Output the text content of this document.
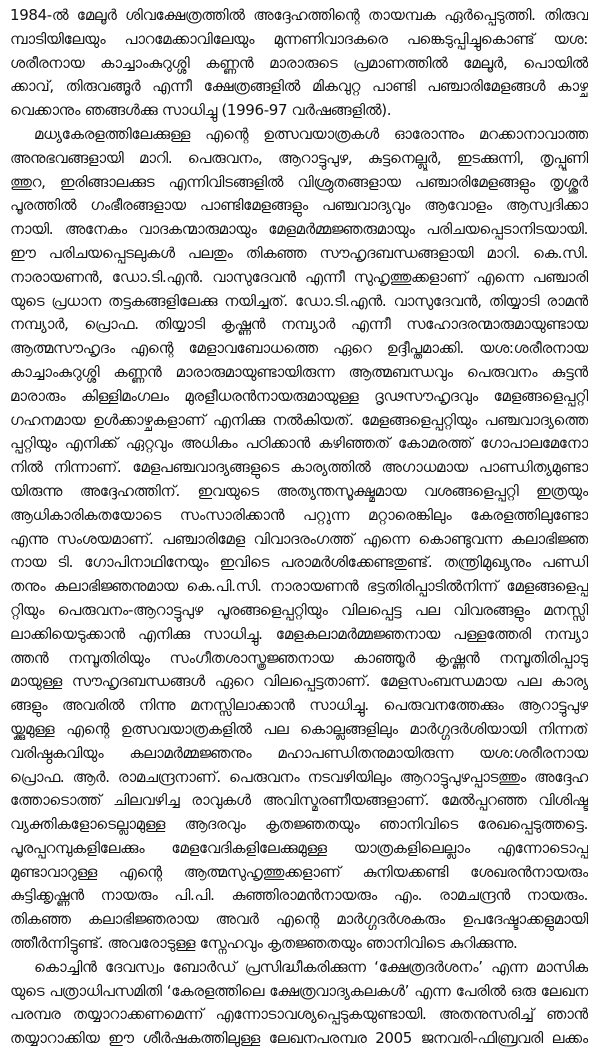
1984-ൽ മേലൂർ ശിവക്ഷേത്രത്തിൽ അദ്ദേഹത്തിന്റെ തായമ്പക ഏർപ്പെടുത്തി. തിരുവ
മ്പാടിയിലേയും പാറമേക്കാവിലേയും മുന്നണിവാദകരെ പങ്കെടുപ്പിച്ചുകൊണ്ട് യശ:
ശരീരനായ കാച്ചാംകുറുശ്ശി കണ്ണൻ മാരാരുടെ പ്രമാണത്തിൽ മേലൂർ, പൊയിൽ
ക്കാവ്, തിരുവങ്ങൂർ എന്നീ ക്ഷേത്രങ്ങളിൽ മികവുറ്റ പാണ്ടി പഞ്ചാരിമേളങ്ങൾ കാഴ്ച
വെക്കാനും ഞങ്ങൾക്കു സാധിച്ചു (1996-97 വർഷങ്ങളിൽ).
മധ്യകേരളത്തിലേക്കുള്ള എന്റെ ഉത്സവയാത്രകൾ ഓരോന്നും മറക്കാനാവാത്ത
അനുഭവങ്ങളായി മാറി. പെരുവനം, ആറാട്ടുപുഴ, കുട്ടനെല്ലൂർ, ഇടക്കുന്നി, തൃപ്പൂണി
ത്തുറ, ഇരിങ്ങാലക്കുട എന്നിവിടങ്ങളിൽ വിശ്രുതങ്ങളായ പഞ്ചാരിമേളങ്ങളും തൃശ്ശൂർ
പൂരത്തിൽ ഗംഭീരങ്ങളായ പാണ്ടിമേളങ്ങളും പഞ്ചവാദ്യവും ആവോളം ആസ്വദിക്കാ
നായി. അനേകം വാദകന്മാരുമായും മേളമർമ്മജ്ഞരുമായും പരിചയപ്പെടാനിടയായി.
ഈ പരിചയപ്പെടലുകൾ പലതും തികഞ്ഞ സൗഹൃദബന്ധങ്ങളായി മാറി. കെ.സി.
നാരായണൻ, ഡോ.ടി.എൻ. വാസുദേവൻ എന്നീ സുഹൃത്തുക്കളാണ് എന്നെ പഞ്ചാരി
യുടെ പ്രധാന തട്ടകങ്ങളിലേക്കു നയിച്ചത്. ഡോ.ടി.എൻ. വാസുദേവൻ, തിയ്യാടി രാമൻ
നമ്പ്യാർ, പ്രൊഫ. തിയ്യാടി കൃഷ്ണൻ നമ്പ്യാർ എന്നീ സഹോദരന്മാരുമായുണ്ടായ
ആത്മസൗഹൃദം എന്റെ മേളാവബോധത്തെ ഏറെ ഉദ്ദീപ്തമാക്കി. യശ:ശരീരനായ
കാച്ചാംകുറുശ്ശി കണ്ണൻ മാരാരുമായുണ്ടായിരുന്ന ആത്മബന്ധവും പെരുവനം കുട്ടൻ
മാരാരും കിള്ളിമംഗലം മുരളീധരൻനായരുമായുള്ള ദൃഢസൗഹൃദവും മേളങ്ങളെപ്പറ്റി
ഗഹനമായ ഉൾക്കാഴ്ചകളാണ് എനിക്കു നൽകിയത്. മേളങ്ങളെപ്പറ്റിയും പഞ്ചവാദ്യത്തെ
പ്പറ്റിയും എനിക്ക് ഏറ്റവും അധികം പഠിക്കാൻ കഴിഞ്ഞത് കോമരത്ത് ഗോപാലമേനോ
നിൽ നിന്നാണ്. മേളപഞ്ചവാദ്യങ്ങളുടെ കാര്യത്തിൽ അഗാധമായ പാണ്ഡിത്യമുണ്ടാ
യിരുന്നു അദ്ദേഹത്തിന്. ഇവയുടെ അത്യന്തസൂക്ഷ്മമായ വശങ്ങളെപ്പറ്റി ഇത്രയും
ആധികാരികതയോടെ സംസാരിക്കാൻ പറ്റുന്ന മറ്റാരെങ്കിലും കേരളത്തിലുണ്ടോ
എന്നു സംശയമാണ്. പഞ്ചാരിമേള വിവാദരംഗത്ത് എന്നെ കൊണ്ടുവന്ന കലാഭിജ്ഞ
നായ ടി. ഗോപിനാഥിനേയും ഇവിടെ പരാമർശിക്കേണ്ടതുണ്ട്. തന്ത്രിമുഖ്യനും പണ്ഡി
തനും കലാഭിജ്ഞനുമായ കെ.പി.സി. നാരായണൻ ഭട്ടതിരിപ്പാടിൽനിന്ന് മേളങ്ങളെപ്പ
റ്റിയും പെരുവനം-ആറാട്ടുപുഴ പൂരങ്ങളെപ്പറ്റിയും വിലപ്പെട്ട പല വിവരങ്ങളും മനസ്സി
ലാക്കിയെടുക്കാൻ എനിക്കു സാധിച്ചു. മേളകലാമർമ്മജ്ഞനായ പള്ളത്തേരി നമ്പ്യാ
ത്തൻ നമ്പൂതിരിയും സംഗീതശാസ്ത്രജ്ഞനായ കാഞ്ഞൂർ കൃഷ്ണൻ നമ്പൂതിരിപ്പാടു
മായുള്ള സൗഹൃദബന്ധങ്ങൾ ഏറെ വിലപ്പെട്ടതാണ്. മേളസംബന്ധമായ പല കാര്യ
ങ്ങളും അവരിൽ നിന്നു മനസ്സിലാക്കാൻ സാധിച്ചു. പെരുവനത്തേക്കും ആറാട്ടുപുഴ
യ്ക്കുമുള്ള എന്റെ ഉത്സവയാത്രകളിൽ പല കൊല്ലങ്ങളിലും മാർഗ്ഗദർശിയായി നിന്നത്
വരിഷ്ഠകവിയും കലാമർമ്മജ്ഞനും മഹാപണ്ഡിതനുമായിരുന്ന യശ:ശരീരനായ
പ്രൊഫ. ആർ. രാമചന്ദ്രനാണ്. പെരുവനം നടവഴിയിലും ആറാട്ടുപുഴപ്പാടത്തും അദ്ദേഹ
ത്തോടൊത്ത് ചിലവഴിച്ച രാവുകൾ അവിസ്മരണീയങ്ങളാണ്. മേൽപ്പറഞ്ഞ വിശിഷ്ട
വ്യക്തികളോടെല്ലാമുള്ള ആദരവും കൃതജ്ഞതയും ഞാനിവിടെ രേഖപ്പെടുത്തട്ടെ.
പൂരപ്പറമ്പുകളിലേക്കും മേളവേദികളിലേക്കുമുള്ള യാത്രകളിലെല്ലാം എന്നോടൊപ്പ
മുണ്ടാവാറുള്ള എന്റെ ആത്മസുഹൃത്തുക്കളാണ് കുനിയക്കണ്ടി ശേഖരൻനായരും
കുട്ടിക്കൃഷ്ണൻ നായരും പി.പി. കുഞ്ഞിരാമൻനായരും എം. രാമചന്ദ്രൻ നായരും.
തികഞ്ഞ കലാഭിജ്ഞരായ അവർ എന്റെ മാർഗ്ഗദർശകരും ഉപദേഷ്ടാക്കളുമായി
ത്തീർന്നിട്ടുണ്ട്. അവരോടുള്ള സ്നേഹവും കൃതജ്ഞതയും ഞാനിവിടെ കുറിക്കുന്നു.
കൊച്ചിൻ ദേവസ്വം ബോർഡ് പ്രസിദ്ധീകരിക്കുന്ന ‘ക്ഷേത്രദർശനം’ എന്ന മാസിക
യുടെ പത്രാധിപസമിതി ‘കേരളത്തിലെ ക്ഷേത്രവാദ്യകലകൾ’ എന്ന പേരിൽ ഒരു ലേഖന
പരമ്പര തയ്യാറാക്കണമെന്ന് എന്നോടാവശ്യപ്പെടുകയുണ്ടായി. അതനുസരിച്ച് ഞാൻ
തയ്യാറാക്കിയ ഈ ശീർഷകത്തിലുള്ള ലേഖനപരമ്പര 2005 ജനവരി-ഫിബ്രവരി ലക്കം
